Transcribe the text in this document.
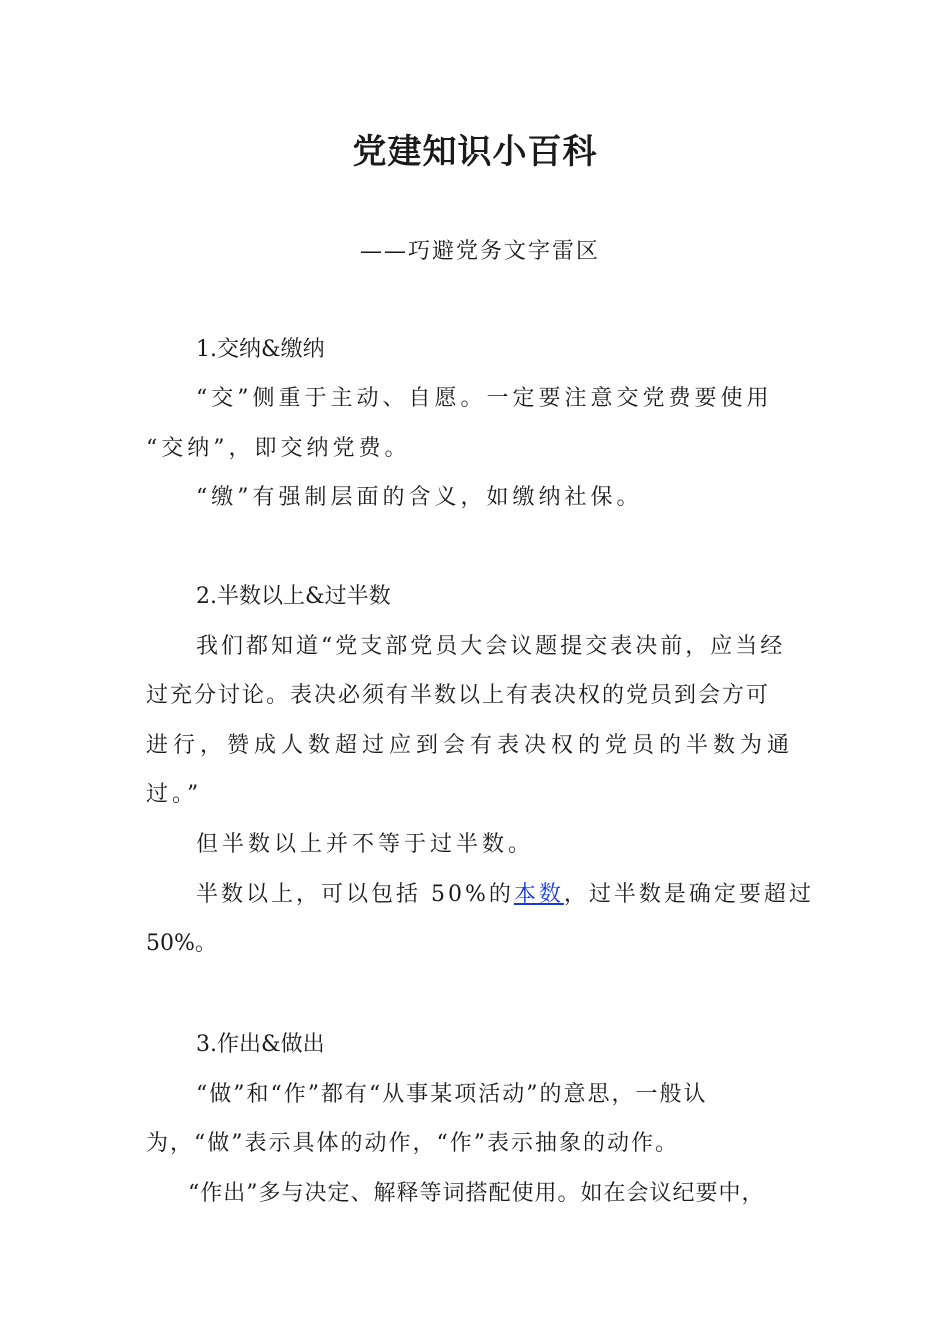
党建知识小百科
——巧避党务文字雷区
1.交纳&缴纳
“交”侧重于主动、自愿。一定要注意交党费要使用
“交纳”，即交纳党费。
“缴”有强制层面的含义，如缴纳社保。
2.半数以上&过半数
我们都知道“党支部党员大会议题提交表决前，应当经
过充分讨论。表决必须有半数以上有表决权的党员到会方可
进行，赞成人数超过应到会有表决权的党员的半数为通
过。”
但半数以上并不等于过半数。
半数以上，可以包括 50%的本数，过半数是确定要超过
50%。
3.作出&做出
“做”和“作”都有“从事某项活动”的意思，一般认
为，“做”表示具体的动作，“作”表示抽象的动作。
“作出”多与决定、解释等词搭配使用。如在会议纪要中，
